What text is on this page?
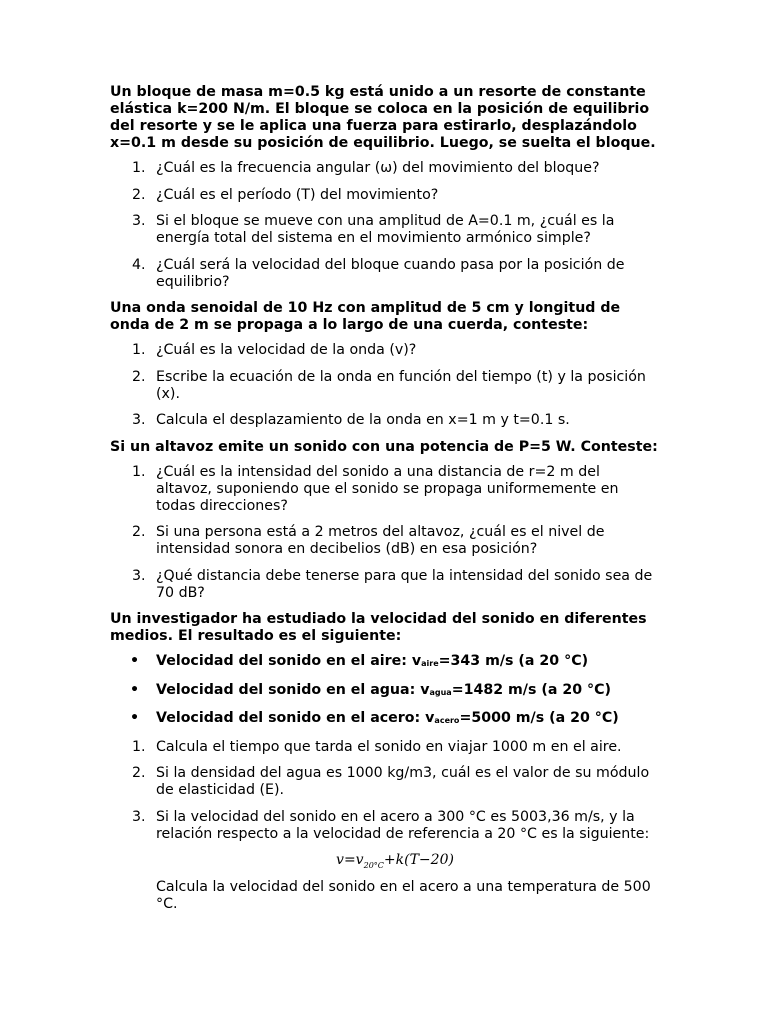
Un bloque de masa m=0.5 kg está unido a un resorte de constante elástica k=200 N/m. El bloque se coloca en la posición de equilibrio del resorte y se le aplica una fuerza para estirarlo, desplazándolo x=0.1 m desde su posición de equilibrio. Luego, se suelta el bloque.

1. ¿Cuál es la frecuencia angular (ω) del movimiento del bloque?
2. ¿Cuál es el período (T) del movimiento?
3. Si el bloque se mueve con una amplitud de A=0.1 m, ¿cuál es la energía total del sistema en el movimiento armónico simple?
4. ¿Cuál será la velocidad del bloque cuando pasa por la posición de equilibrio?

Una onda senoidal de 10 Hz con amplitud de 5 cm y longitud de onda de 2 m se propaga a lo largo de una cuerda, conteste:

1. ¿Cuál es la velocidad de la onda (v)?
2. Escribe la ecuación de la onda en función del tiempo (t) y la posición (x).
3. Calcula el desplazamiento de la onda en x=1 m y t=0.1 s.

Si un altavoz emite un sonido con una potencia de P=5 W. Conteste:

1. ¿Cuál es la intensidad del sonido a una distancia de r=2 m del altavoz, suponiendo que el sonido se propaga uniformemente en todas direcciones?
2. Si una persona está a 2 metros del altavoz, ¿cuál es el nivel de intensidad sonora en decibelios (dB) en esa posición?
3. ¿Qué distancia debe tenerse para que la intensidad del sonido sea de 70 dB?

Un investigador ha estudiado la velocidad del sonido en diferentes medios. El resultado es el siguiente:

• Velocidad del sonido en el aire: $v_{aire}=343$ m/s (a 20 °C)
• Velocidad del sonido en el agua: $v_{agua}=1482$ m/s (a 20 °C)
• Velocidad del sonido en el acero: $v_{acero}=5000$ m/s (a 20 °C)
1. Calcula el tiempo que tarda el sonido en viajar 1000 m en el aire.
2. Si la densidad del agua es 1000 kg/m3, cuál es el valor de su módulo de elasticidad (E).
3. Si la velocidad del sonido en el acero a 300 °C es 5003,36 m/s, y la relación respecto a la velocidad de referencia a 20 °C es la siguiente:
$v=v_{20^\circ C}+k(T-20)$

Calcula la velocidad del sonido en el acero a una temperatura de 500 °C.
